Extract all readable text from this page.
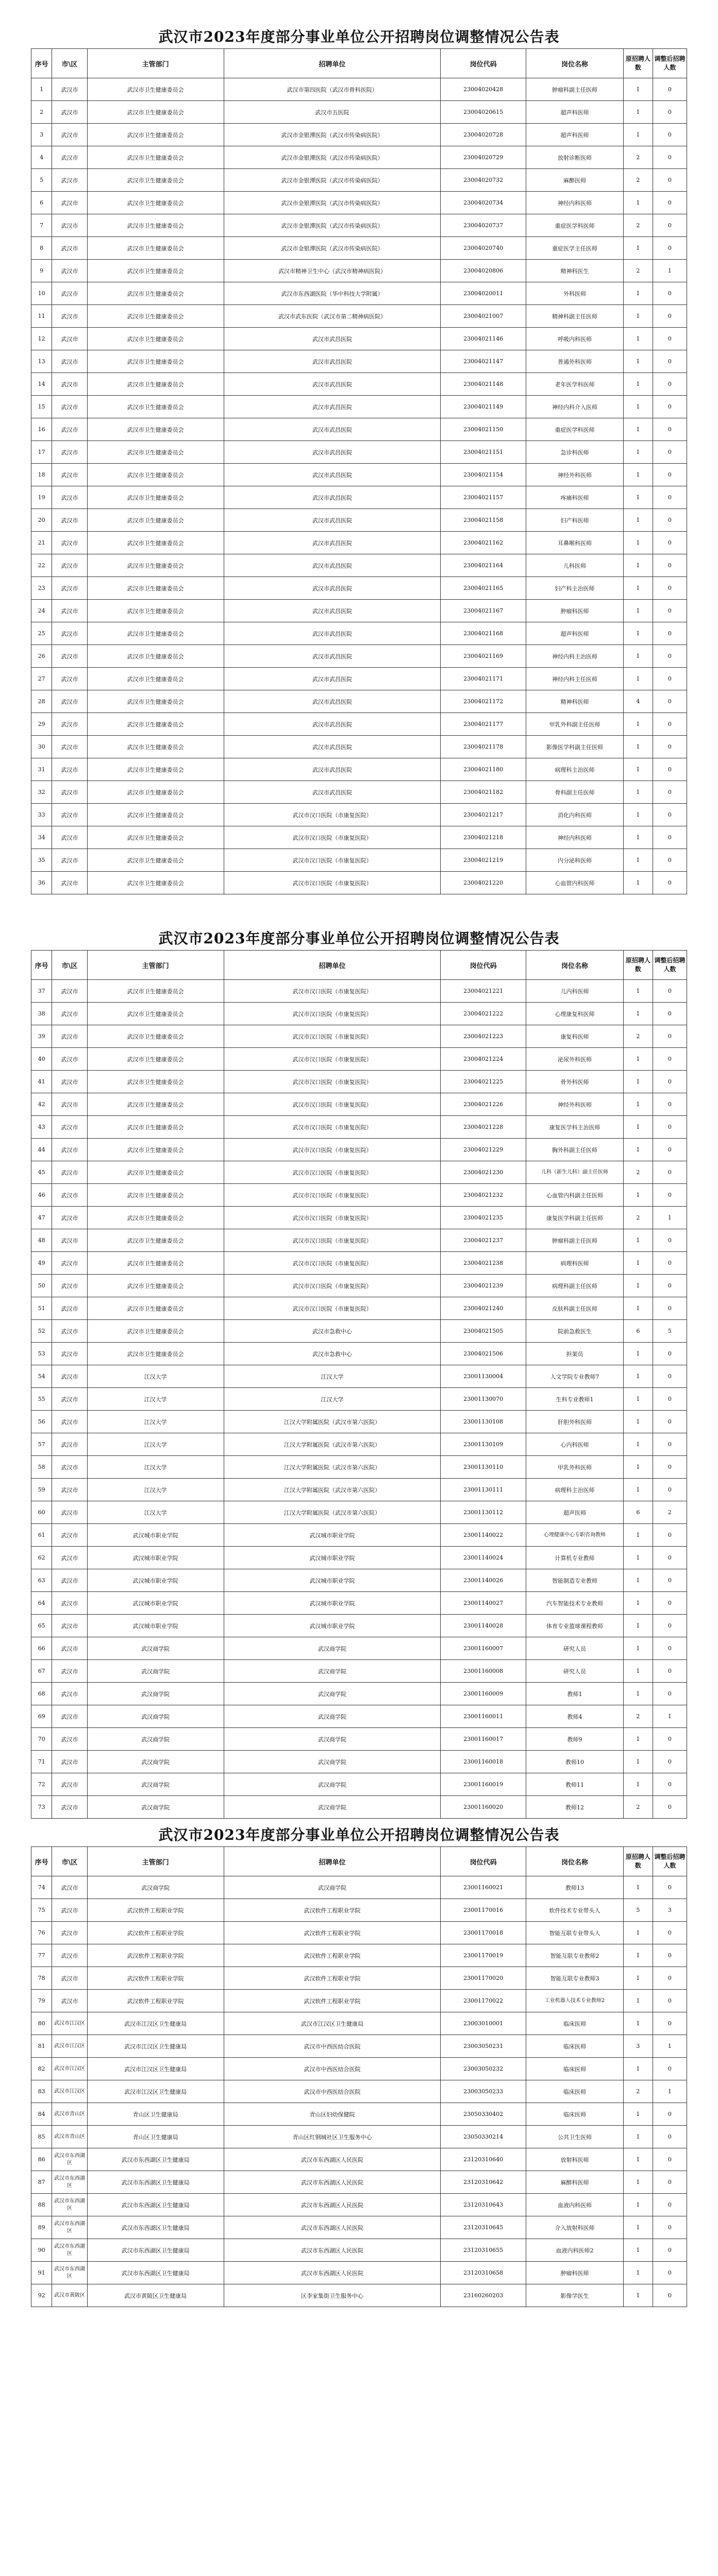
武汉市2023年度部分事业单位公开招聘岗位调整情况公告表
序号	市\区	主管部门	招聘单位	岗位代码	岗位名称	原招聘人数	调整后招聘人数
1	武汉市	武汉市卫生健康委员会	武汉市第四医院（武汉市骨科医院）	23004020428	肿瘤科副主任医师	1	0
2	武汉市	武汉市卫生健康委员会	武汉市五医院	23004020615	超声科医师	1	0
3	武汉市	武汉市卫生健康委员会	武汉市金银潭医院（武汉市传染病医院）	23004020728	超声科医师	1	0
4	武汉市	武汉市卫生健康委员会	武汉市金银潭医院（武汉市传染病医院）	23004020729	放射诊断医师	2	0
5	武汉市	武汉市卫生健康委员会	武汉市金银潭医院（武汉市传染病医院）	23004020732	麻醉医师	2	0
6	武汉市	武汉市卫生健康委员会	武汉市金银潭医院（武汉市传染病医院）	23004020734	神经内科医师	1	0
7	武汉市	武汉市卫生健康委员会	武汉市金银潭医院（武汉市传染病医院）	23004020737	重症医学科医师	2	0
8	武汉市	武汉市卫生健康委员会	武汉市金银潭医院（武汉市传染病医院）	23004020740	重症医学主任医师	1	0
9	武汉市	武汉市卫生健康委员会	武汉市精神卫生中心（武汉市精神病医院）	23004020806	精神科医生	2	1
10	武汉市	武汉市卫生健康委员会	武汉市东西湖医院（华中科技大学附属）	23004020011	外科医师	1	0
11	武汉市	武汉市卫生健康委员会	武汉市武东医院（武汉市第二精神病医院）	23004021007	精神科副主任医师	1	0
12	武汉市	武汉市卫生健康委员会	武汉市武昌医院	23004021146	呼吸内科医师	1	0
13	武汉市	武汉市卫生健康委员会	武汉市武昌医院	23004021147	普通外科医师	1	0
14	武汉市	武汉市卫生健康委员会	武汉市武昌医院	23004021148	老年医学科医师	1	0
15	武汉市	武汉市卫生健康委员会	武汉市武昌医院	23004021149	神经内科介入医师	1	0
16	武汉市	武汉市卫生健康委员会	武汉市武昌医院	23004021150	重症医学科医师	1	0
17	武汉市	武汉市卫生健康委员会	武汉市武昌医院	23004021151	急诊科医师	1	0
18	武汉市	武汉市卫生健康委员会	武汉市武昌医院	23004021154	神经外科医师	1	0
19	武汉市	武汉市卫生健康委员会	武汉市武昌医院	23004021157	疼痛科医师	1	0
20	武汉市	武汉市卫生健康委员会	武汉市武昌医院	23004021158	妇产科医师	1	0
21	武汉市	武汉市卫生健康委员会	武汉市武昌医院	23004021162	耳鼻喉科医师	1	0
22	武汉市	武汉市卫生健康委员会	武汉市武昌医院	23004021164	儿科医师	1	0
23	武汉市	武汉市卫生健康委员会	武汉市武昌医院	23004021165	妇产科主治医师	1	0
24	武汉市	武汉市卫生健康委员会	武汉市武昌医院	23004021167	肿瘤科医师	1	0
25	武汉市	武汉市卫生健康委员会	武汉市武昌医院	23004021168	超声科医师	1	0
26	武汉市	武汉市卫生健康委员会	武汉市武昌医院	23004021169	神经内科主治医师	1	0
27	武汉市	武汉市卫生健康委员会	武汉市武昌医院	23004021171	神经内科主任医师	1	0
28	武汉市	武汉市卫生健康委员会	武汉市武昌医院	23004021172	精神科医师	4	0
29	武汉市	武汉市卫生健康委员会	武汉市武昌医院	23004021177	甲乳外科副主任医师	1	0
30	武汉市	武汉市卫生健康委员会	武汉市武昌医院	23004021178	影像医学科副主任医师	1	0
31	武汉市	武汉市卫生健康委员会	武汉市武昌医院	23004021180	病理科主治医师	1	0
32	武汉市	武汉市卫生健康委员会	武汉市武昌医院	23004021182	骨科副主任医师	1	0
33	武汉市	武汉市卫生健康委员会	武汉市汉口医院（市康复医院）	23004021217	消化内科医师	1	0
34	武汉市	武汉市卫生健康委员会	武汉市汉口医院（市康复医院）	23004021218	神经内科医师	1	0
35	武汉市	武汉市卫生健康委员会	武汉市汉口医院（市康复医院）	23004021219	内分泌科医师	1	0
36	武汉市	武汉市卫生健康委员会	武汉市汉口医院（市康复医院）	23004021220	心血管内科医师	1	0
武汉市2023年度部分事业单位公开招聘岗位调整情况公告表
序号	市\区	主管部门	招聘单位	岗位代码	岗位名称	原招聘人数	调整后招聘人数
37	武汉市	武汉市卫生健康委员会	武汉市汉口医院（市康复医院）	23004021221	儿内科医师	1	0
38	武汉市	武汉市卫生健康委员会	武汉市汉口医院（市康复医院）	23004021222	心理康复科医师	1	0
39	武汉市	武汉市卫生健康委员会	武汉市汉口医院（市康复医院）	23004021223	康复科医师	2	0
40	武汉市	武汉市卫生健康委员会	武汉市汉口医院（市康复医院）	23004021224	泌尿外科医师	1	0
41	武汉市	武汉市卫生健康委员会	武汉市汉口医院（市康复医院）	23004021225	骨外科医师	1	0
42	武汉市	武汉市卫生健康委员会	武汉市汉口医院（市康复医院）	23004021226	神经外科医师	1	0
43	武汉市	武汉市卫生健康委员会	武汉市汉口医院（市康复医院）	23004021228	康复医学科主治医师	1	0
44	武汉市	武汉市卫生健康委员会	武汉市汉口医院（市康复医院）	23004021229	胸外科副主任医师	1	0
45	武汉市	武汉市卫生健康委员会	武汉市汉口医院（市康复医院）	23004021230	儿科（新生儿科）副主任医师	2	0
46	武汉市	武汉市卫生健康委员会	武汉市汉口医院（市康复医院）	23004021232	心血管内科副主任医师	1	0
47	武汉市	武汉市卫生健康委员会	武汉市汉口医院（市康复医院）	23004021235	康复医学科副主任医师	2	1
48	武汉市	武汉市卫生健康委员会	武汉市汉口医院（市康复医院）	23004021237	肿瘤科副主任医师	1	0
49	武汉市	武汉市卫生健康委员会	武汉市汉口医院（市康复医院）	23004021238	病理科医师	1	0
50	武汉市	武汉市卫生健康委员会	武汉市汉口医院（市康复医院）	23004021239	病理科副主任医师	1	0
51	武汉市	武汉市卫生健康委员会	武汉市汉口医院（市康复医院）	23004021240	皮肤科副主任医师	1	0
52	武汉市	武汉市卫生健康委员会	武汉市急救中心	23004021505	院前急救医生	6	5
53	武汉市	武汉市卫生健康委员会	武汉市急救中心	23004021506	担架员	1	0
54	武汉市	江汉大学	江汉大学	23001130004	人文学院专业教师7	1	0
55	武汉市	江汉大学	江汉大学	23001130070	生科专业教师1	1	0
56	武汉市	江汉大学	江汉大学附属医院（武汉市第六医院）	23001130108	肝胆外科医师	1	0
57	武汉市	江汉大学	江汉大学附属医院（武汉市第六医院）	23001130109	心内科医师	1	0
58	武汉市	江汉大学	江汉大学附属医院（武汉市第六医院）	23001130110	甲乳外科医师	1	0
59	武汉市	江汉大学	江汉大学附属医院（武汉市第六医院）	23001130111	病理科主治医师	1	0
60	武汉市	江汉大学	江汉大学附属医院（武汉市第六医院）	23001130112	超声医师	6	2
61	武汉市	武汉城市职业学院	武汉城市职业学院	23001140022	心理健康中心专职咨询教师	1	0
62	武汉市	武汉城市职业学院	武汉城市职业学院	23001140024	计算机专业教师	1	0
63	武汉市	武汉城市职业学院	武汉城市职业学院	23001140026	智能制造专业教师	1	0
64	武汉市	武汉城市职业学院	武汉城市职业学院	23001140027	汽车智能技术专业教师	1	0
65	武汉市	武汉城市职业学院	武汉城市职业学院	23001140028	体育专业篮球课程教师	1	0
66	武汉市	武汉商学院	武汉商学院	23001160007	研究人员	1	0
67	武汉市	武汉商学院	武汉商学院	23001160008	研究人员	1	0
68	武汉市	武汉商学院	武汉商学院	23001160009	教师1	1	0
69	武汉市	武汉商学院	武汉商学院	23001160011	教师4	2	1
70	武汉市	武汉商学院	武汉商学院	23001160017	教师9	1	0
71	武汉市	武汉商学院	武汉商学院	23001160018	教师10	1	0
72	武汉市	武汉商学院	武汉商学院	23001160019	教师11	1	0
73	武汉市	武汉商学院	武汉商学院	23001160020	教师12	2	0
武汉市2023年度部分事业单位公开招聘岗位调整情况公告表
序号	市\区	主管部门	招聘单位	岗位代码	岗位名称	原招聘人数	调整后招聘人数
74	武汉市	武汉商学院	武汉商学院	23001160021	教师13	1	0
75	武汉市	武汉软件工程职业学院	武汉软件工程职业学院	23001170016	软件技术专业带头人	5	3
76	武汉市	武汉软件工程职业学院	武汉软件工程职业学院	23001170018	智能互联专业带头人	1	0
77	武汉市	武汉软件工程职业学院	武汉软件工程职业学院	23001170019	智能互联专业教师2	1	0
78	武汉市	武汉软件工程职业学院	武汉软件工程职业学院	23001170020	智能互联专业教师3	1	0
79	武汉市	武汉软件工程职业学院	武汉软件工程职业学院	23001170022	工业机器人技术专业教师2	1	0
80	武汉市江汉区	武汉市江汉区卫生健康局	武汉市江汉区卫生健康局	23003010001	临床医师	1	0
81	武汉市江汉区	武汉市江汉区卫生健康局	武汉市中西医结合医院	23003050231	临床医师	3	1
82	武汉市江汉区	武汉市江汉区卫生健康局	武汉市中西医结合医院	23003050232	临床医师	1	0
83	武汉市江汉区	武汉市江汉区卫生健康局	武汉市中西医结合医院	23003050233	临床医师	2	1
84	武汉市青山区	青山区卫生健康局	青山区妇幼保健院	23050330402	临床医师	1	0
85	武汉市青山区	青山区卫生健康局	青山区红钢城社区卫生服务中心	23050330214	公共卫生医师	1	0
86	武汉市东西湖区	武汉市东西湖区卫生健康局	武汉市东西湖区人民医院	23120310640	放射科医师	1	0
87	武汉市东西湖区	武汉市东西湖区卫生健康局	武汉市东西湖区人民医院	23120310642	麻醉科医师	1	0
88	武汉市东西湖区	武汉市东西湖区卫生健康局	武汉市东西湖区人民医院	23120310643	血液内科医师	1	0
89	武汉市东西湖区	武汉市东西湖区卫生健康局	武汉市东西湖区人民医院	23120310645	介入放射科医师	1	0
90	武汉市东西湖区	武汉市东西湖区卫生健康局	武汉市东西湖区人民医院	23120310655	血液内科医师2	1	0
91	武汉市东西湖区	武汉市东西湖区卫生健康局	武汉市东西湖区人民医院	23120310658	肿瘤科医师	1	0
92	武汉市黄陂区	武汉市黄陂区卫生健康局	区李家集街卫生服务中心	23160260203	影像学医生	1	0
